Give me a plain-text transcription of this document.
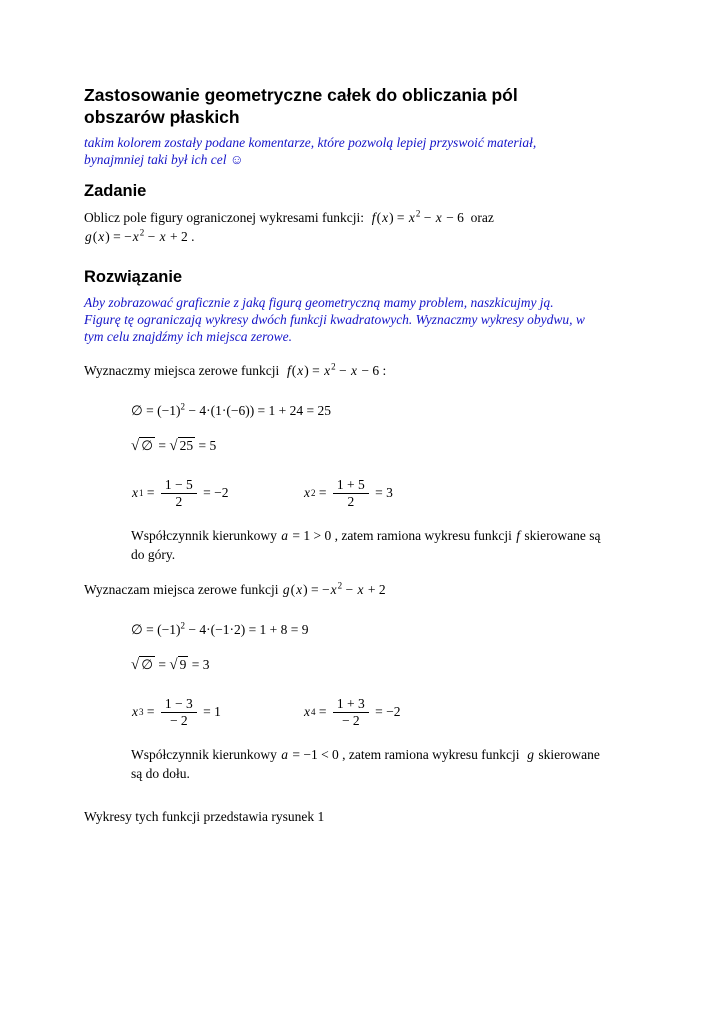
Zastosowanie geometryczne całek do obliczania pól
obszarów płaskich
takim kolorem zostały podane komentarze, które pozwolą lepiej przyswoić materiał,
bynajmniej taki był ich cel ☺
Zadanie
Oblicz pole figury ograniczonej wykresami funkcji:  $f(x) = x^2 - x - 6$  oraz
$g(x) = -x^2 - x + 2$ .
Rozwiązanie
Aby zobrazować graficznie z jaką figurą geometryczną mamy problem, naszkicujmy ją.
Figurę tę ograniczają wykresy dwóch funkcji kwadratowych. Wyznaczmy wykresy obydwu, w
tym celu znajdźmy ich miejsca zerowe.
Wyznaczmy miejsca zerowe funkcji  $f(x) = x^2 - x - 6$ :
∅ = $(-1)^2 - 4\cdot(1\cdot(-6)) = 1 + 24 = 25$
√ ∅ = √ 25 = 5
x $1 = \frac{1 - 5}{2} = -2$	x $2 = \frac{1 + 5}{2} = 3$
Współczynnik kierunkowy a = 1 > 0 , zatem ramiona wykresu funkcji f skierowane są
do góry.
Wyznaczam miejsca zerowe funkcji $g(x) = -x^2 - x + 2$
∅ = $(-1)^2 - 4\cdot(-1\cdot 2) = 1 + 8 = 9$
√ ∅ = √ 9 = 3
x $3 = \frac{1 - 3}{- 2} = 1$	x $4 = \frac{1 + 3}{- 2} = -2$
Współczynnik kierunkowy a = −1 < 0 , zatem ramiona wykresu funkcji  g skierowane
są do dołu.
Wykresy tych funkcji przedstawia rysunek 1
